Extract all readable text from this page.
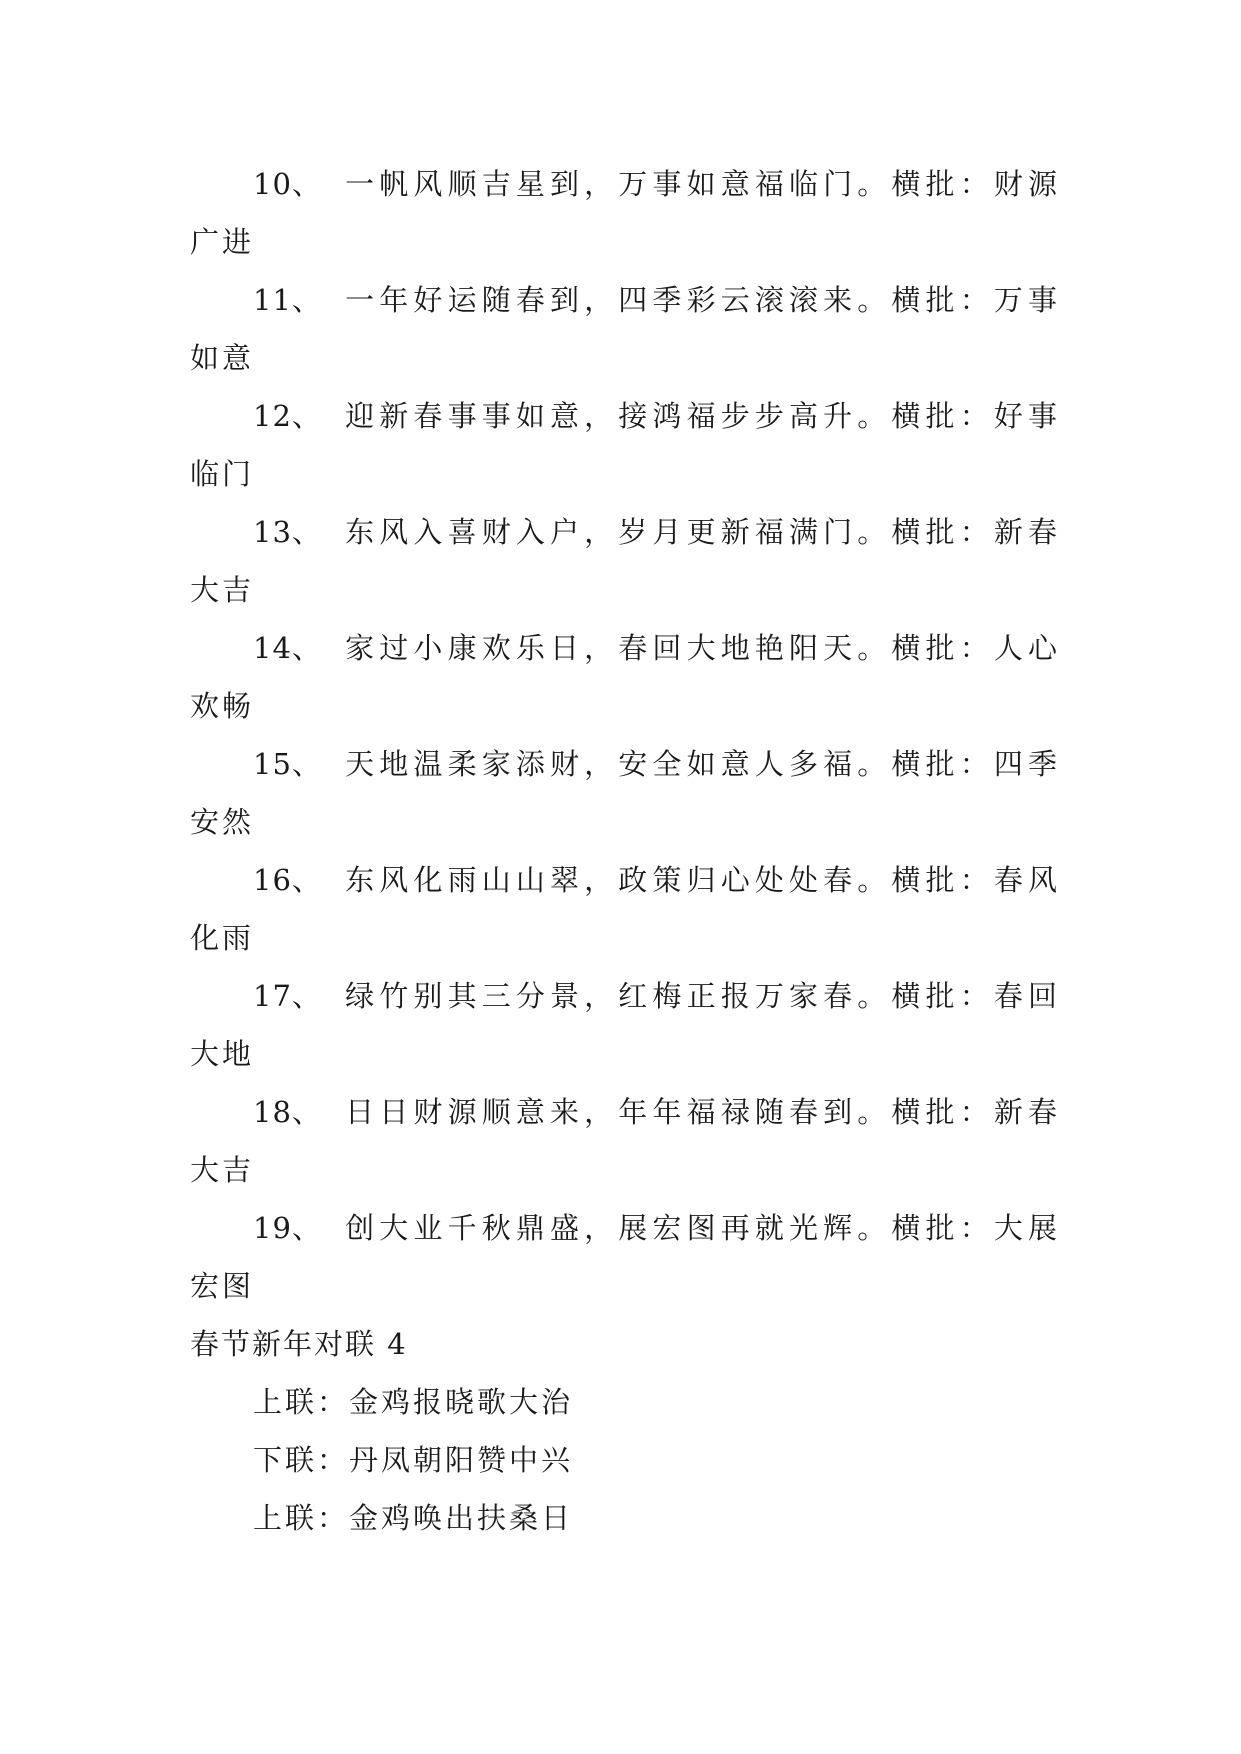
10、 一帆风顺吉星到，万事如意福临门。横批：财源
广进
11、 一年好运随春到，四季彩云滚滚来。横批：万事
如意
12、 迎新春事事如意，接鸿福步步高升。横批：好事
临门
13、 东风入喜财入户，岁月更新福满门。横批：新春
大吉
14、 家过小康欢乐日，春回大地艳阳天。横批：人心
欢畅
15、 天地温柔家添财，安全如意人多福。横批：四季
安然
16、 东风化雨山山翠，政策归心处处春。横批：春风
化雨
17、 绿竹别其三分景，红梅正报万家春。横批：春回
大地
18、 日日财源顺意来，年年福禄随春到。横批：新春
大吉
19、 创大业千秋鼎盛，展宏图再就光辉。横批：大展
宏图
春节新年对联 4
上联：金鸡报晓歌大治
下联：丹凤朝阳赞中兴
上联：金鸡唤出扶桑日
